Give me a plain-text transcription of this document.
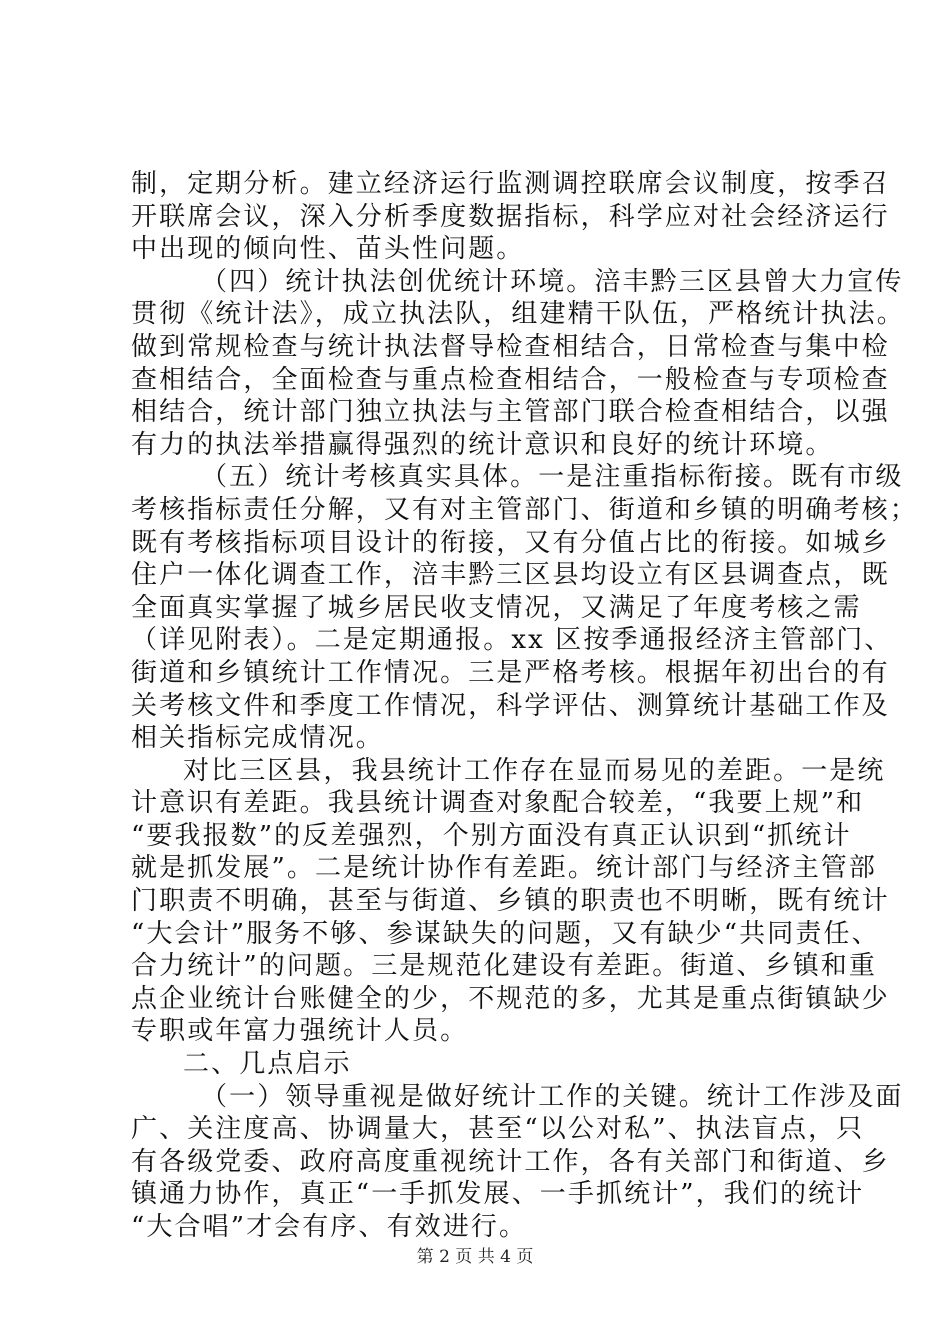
制，定期分析。建立经济运行监测调控联席会议制度，按季召
开联席会议，深入分析季度数据指标，科学应对社会经济运行
中出现的倾向性、苗头性问题。
（四）统计执法创优统计环境。涪丰黔三区县曾大力宣传
贯彻《统计法》，成立执法队，组建精干队伍，严格统计执法。
做到常规检查与统计执法督导检查相结合，日常检查与集中检
查相结合，全面检查与重点检查相结合，一般检查与专项检查
相结合，统计部门独立执法与主管部门联合检查相结合，以强
有力的执法举措赢得强烈的统计意识和良好的统计环境。
（五）统计考核真实具体。一是注重指标衔接。既有市级
考核指标责任分解，又有对主管部门、街道和乡镇的明确考核；
既有考核指标项目设计的衔接，又有分值占比的衔接。如城乡
住户一体化调查工作，涪丰黔三区县均设立有区县调查点，既
全面真实掌握了城乡居民收支情况，又满足了年度考核之需
（详见附表）。二是定期通报。xx 区按季通报经济主管部门、
街道和乡镇统计工作情况。三是严格考核。根据年初出台的有
关考核文件和季度工作情况，科学评估、测算统计基础工作及
相关指标完成情况。
对比三区县，我县统计工作存在显而易见的差距。一是统
计意识有差距。我县统计调查对象配合较差，“我要上规”和
“要我报数”的反差强烈，个别方面没有真正认识到“抓统计
就是抓发展”。二是统计协作有差距。统计部门与经济主管部
门职责不明确，甚至与街道、乡镇的职责也不明晰，既有统计
“大会计”服务不够、参谋缺失的问题，又有缺少“共同责任、
合力统计”的问题。三是规范化建设有差距。街道、乡镇和重
点企业统计台账健全的少，不规范的多，尤其是重点街镇缺少
专职或年富力强统计人员。
二、几点启示
（一）领导重视是做好统计工作的关键。统计工作涉及面
广、关注度高、协调量大，甚至“以公对私”、执法盲点，只
有各级党委、政府高度重视统计工作，各有关部门和街道、乡
镇通力协作，真正“一手抓发展、一手抓统计”，我们的统计
“大合唱”才会有序、有效进行。
第 2 页 共 4 页
